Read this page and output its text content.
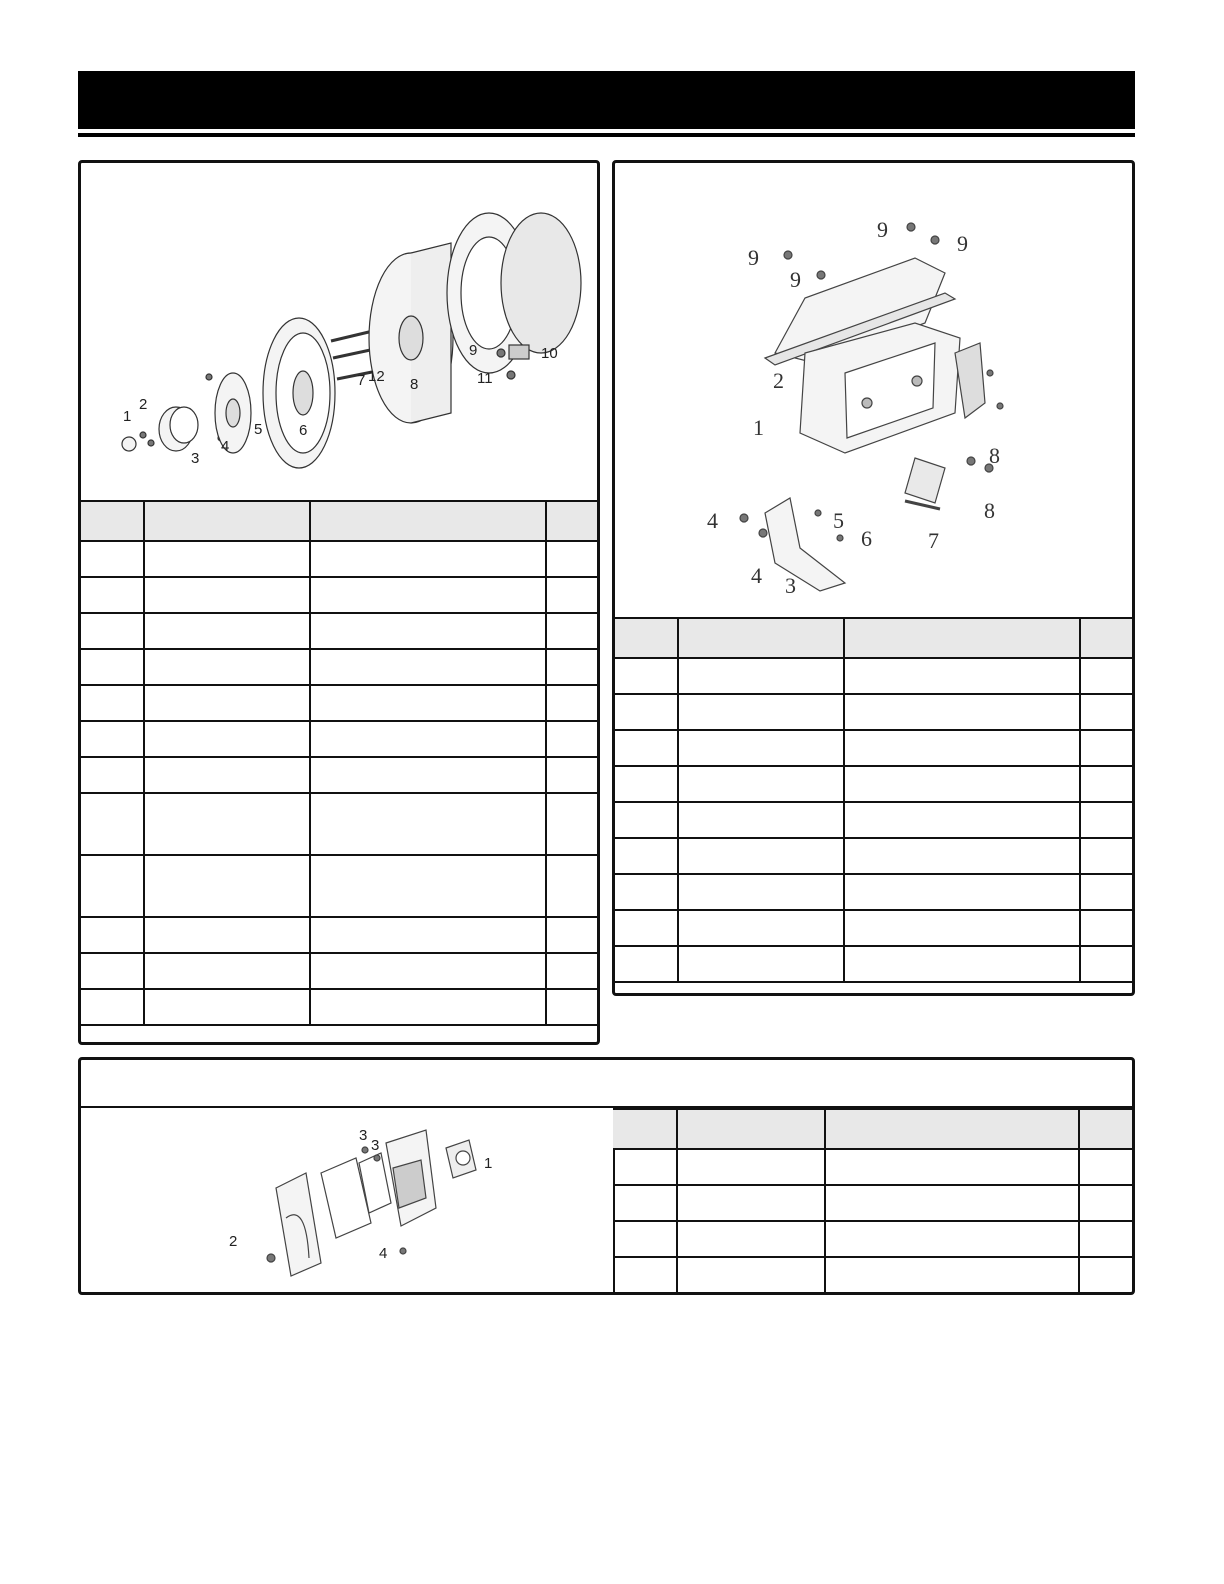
1
2
3
4
5 6
7 12 8
9	10
11

9
9
9
9
2
1
8
8
4	5
6
4 3
7

3
3
1
2
4
